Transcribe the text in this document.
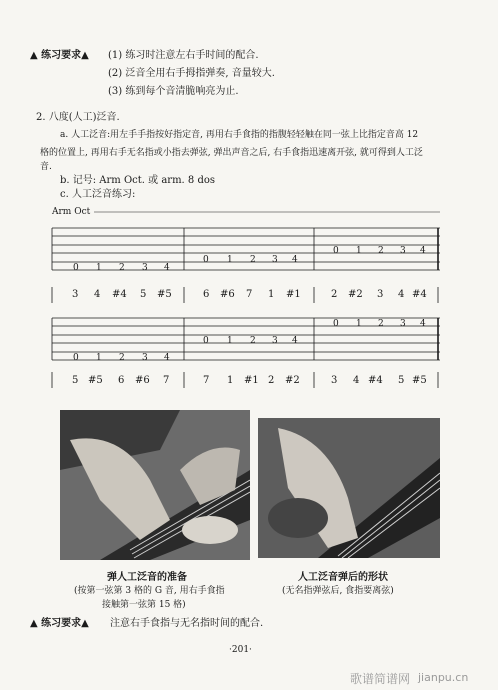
▲ 练习要求▲ (1) 练习时注意左右手时间的配合.
(2) 泛音全用右手拇指弹奏, 音量较大.
(3) 练到每个音清脆响亮为止.
2. 八度(人工)泛音.
a. 人工泛音:用左手手指按好指定音, 再用右手食指的指腹轻轻触在同一弦上比指定音高 12
格的位置上, 再用右手无名指或小指去弹弦, 弹出声音之后, 右手食指迅速离开弦, 就可得到人工泛
音.
b. 记号: Arm Oct. 或 arm. 8 dos
c. 人工泛音练习:
Arm Oct
0 1 2 3 4
0 1 2 3 4
0 1 2 3 4
3 4 #4 5 #5	6 #6 7 1 #1	2 #2 3 4 #4
0 1 2 3 4
0 1 2 3 4
0 1 2 3 4
5 #5 6 #6 7	7 1 #1 2 #2	3 4 #4 5 #5
弹人工泛音的准备
(按第一弦第 3 格的 G 音, 用右手食指
接触第一弦第 15 格)
人工泛音弹后的形状
(无名指弹弦后, 食指要离弦)
▲ 练习要求▲ 注意右手食指与无名指时间的配合.
·201·
歌谱简谱网 jianpu.cn
